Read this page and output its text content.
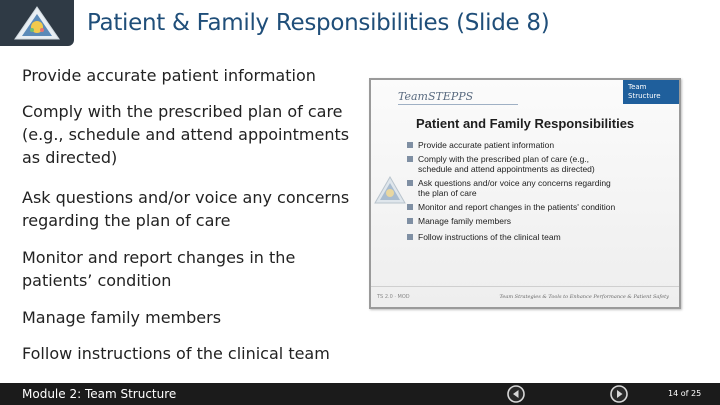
Patient & Family Responsibilities (Slide 8)
Provide accurate patient information
Comply with the prescribed plan of care
(e.g., schedule and attend appointments
as directed)
Ask questions and/or voice any concerns
regarding the plan of care
Monitor and report changes in the
patients’ condition
Manage family members
Follow instructions of the clinical team
TeamSTEPPS
Team
Structure
Patient and Family Responsibilities
Provide accurate patient information
Comply with the prescribed plan of care (e.g.,
schedule and attend appointments as directed)
Ask questions and/or voice any concerns regarding
the plan of care
Monitor and report changes in the patients' condition
Manage family members
Follow instructions of the clinical team
TS 2.0 · MOD	Team Strategies & Tools to Enhance Performance & Patient Safety
Module 2: Team Structure	14 of 25
